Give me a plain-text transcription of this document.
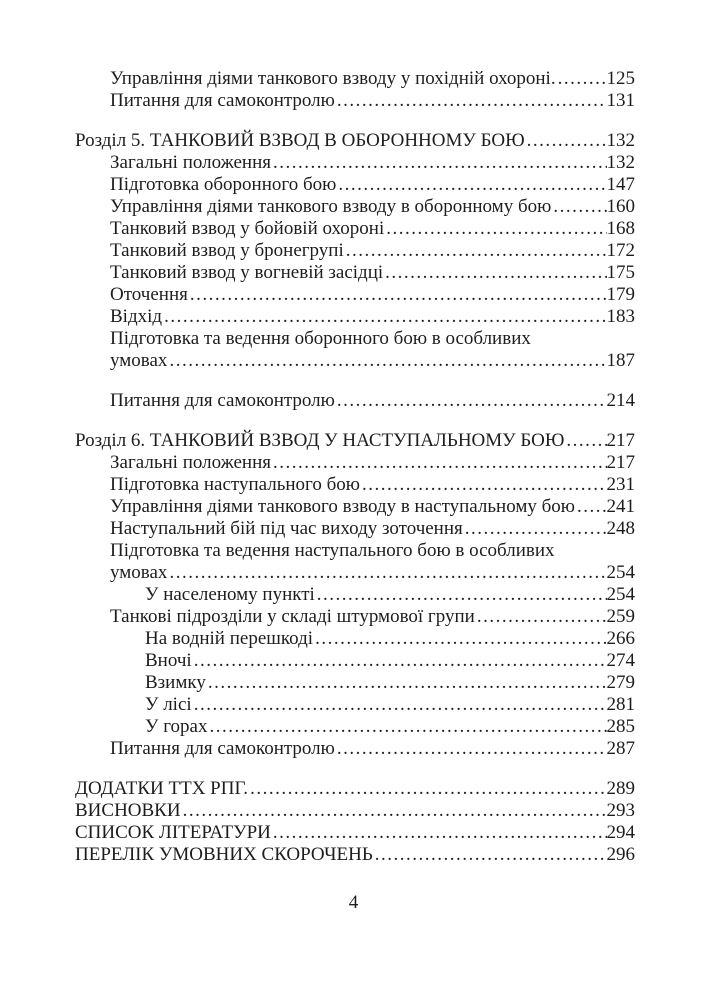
Управління діями танкового взводу у похідній охороні. .....	125
Питання для самоконтролю .....	131
Розділ 5. ТАНКОВИЙ ВЗВОД В ОБОРОННОМУ БОЮ .....	132
Загальні положення .....	132
Підготовка оборонного бою .....	147
Управління діями танкового взводу в оборонному бою .....	160
Танковий взвод у бойовій охороні .....	168
Танковий взвод у бронегрупі .....	172
Танковий взвод у вогневій засідці .....	175
Оточення .....	179
Відхід .....	183
Підготовка та ведення оборонного бою в особливих
умовах .....	187
Питання для самоконтролю .....	214
Розділ 6. ТАНКОВИЙ ВЗВОД У НАСТУПАЛЬНОМУ БОЮ ..... 217
Загальні положення .....	217
Підготовка наступального бою .....	231
Управління діями танкового взводу в наступальному бою ..... 241
Наступальний бій під час виходу зоточення .....	248
Підготовка та ведення наступального бою в особливих
умовах .....	254
У населеному пункті .....	254
Танкові підрозділи у складі штурмової групи .....	259
На водній перешкоді .....	266
Вночі .....	274
Взимку .....	279
У лісі .....	281
У горах .....	285
Питання для самоконтролю .....	287
ДОДАТКИ ТТХ РПГ. .....	289
ВИСНОВКИ .....	293
СПИСОК ЛІТЕРАТУРИ .....	294
ПЕРЕЛІК УМОВНИХ СКОРОЧЕНЬ .....	296
4
